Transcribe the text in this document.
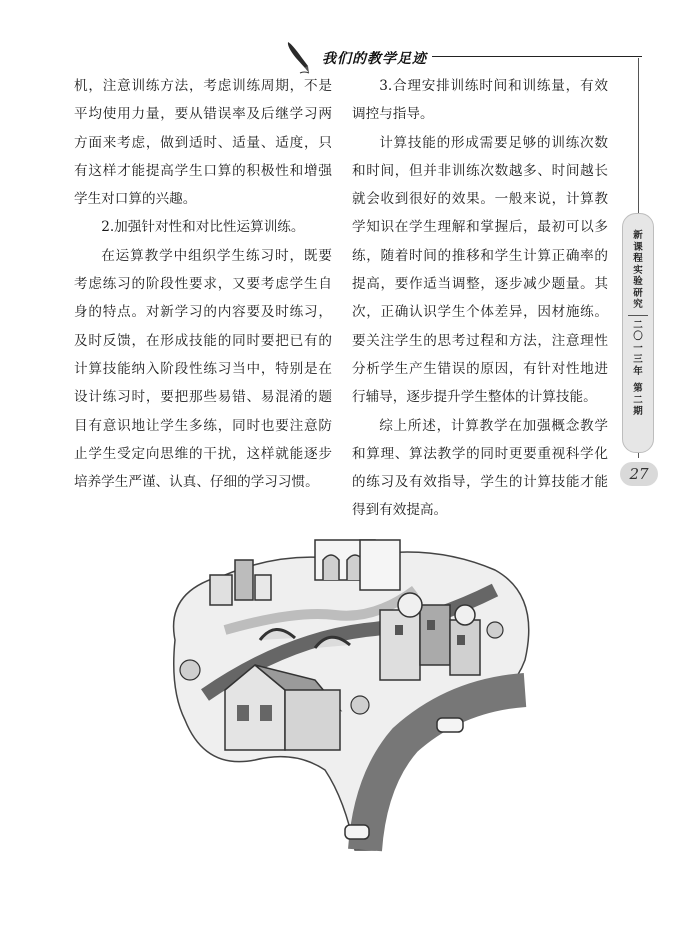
我们的教学足迹

机，注意训练方法，考虑训练周期，不是平均使用力量，要从错误率及后继学习两方面来考虑，做到适时、适量、适度，只有这样才能提高学生口算的积极性和增强学生对口算的兴趣。

2.加强针对性和对比性运算训练。

在运算教学中组织学生练习时，既要考虑练习的阶段性要求，又要考虑学生自身的特点。对新学习的内容要及时练习，及时反馈，在形成技能的同时要把已有的计算技能纳入阶段性练习当中，特别是在设计练习时，要把那些易错、易混淆的题目有意识地让学生多练，同时也要注意防止学生受定向思维的干扰，这样就能逐步培养学生严谨、认真、仔细的学习习惯。

3.合理安排训练时间和训练量，有效调控与指导。

计算技能的形成需要足够的训练次数和时间，但并非训练次数越多、时间越长就会收到很好的效果。一般来说，计算教学知识在学生理解和掌握后，最初可以多练，随着时间的推移和学生计算正确率的提高，要作适当调整，逐步减少题量。其次，正确认识学生个体差异，因材施练。要关注学生的思考过程和方法，注意理性分析学生产生错误的原因，有针对性地进行辅导，逐步提升学生整体的计算技能。

综上所述，计算教学在加强概念教学和算理、算法教学的同时更要重视科学化的练习及有效指导，学生的计算技能才能得到有效提高。

新
课
程
实
验
研
究
二
〇
一
三
年
第
二
期
27
